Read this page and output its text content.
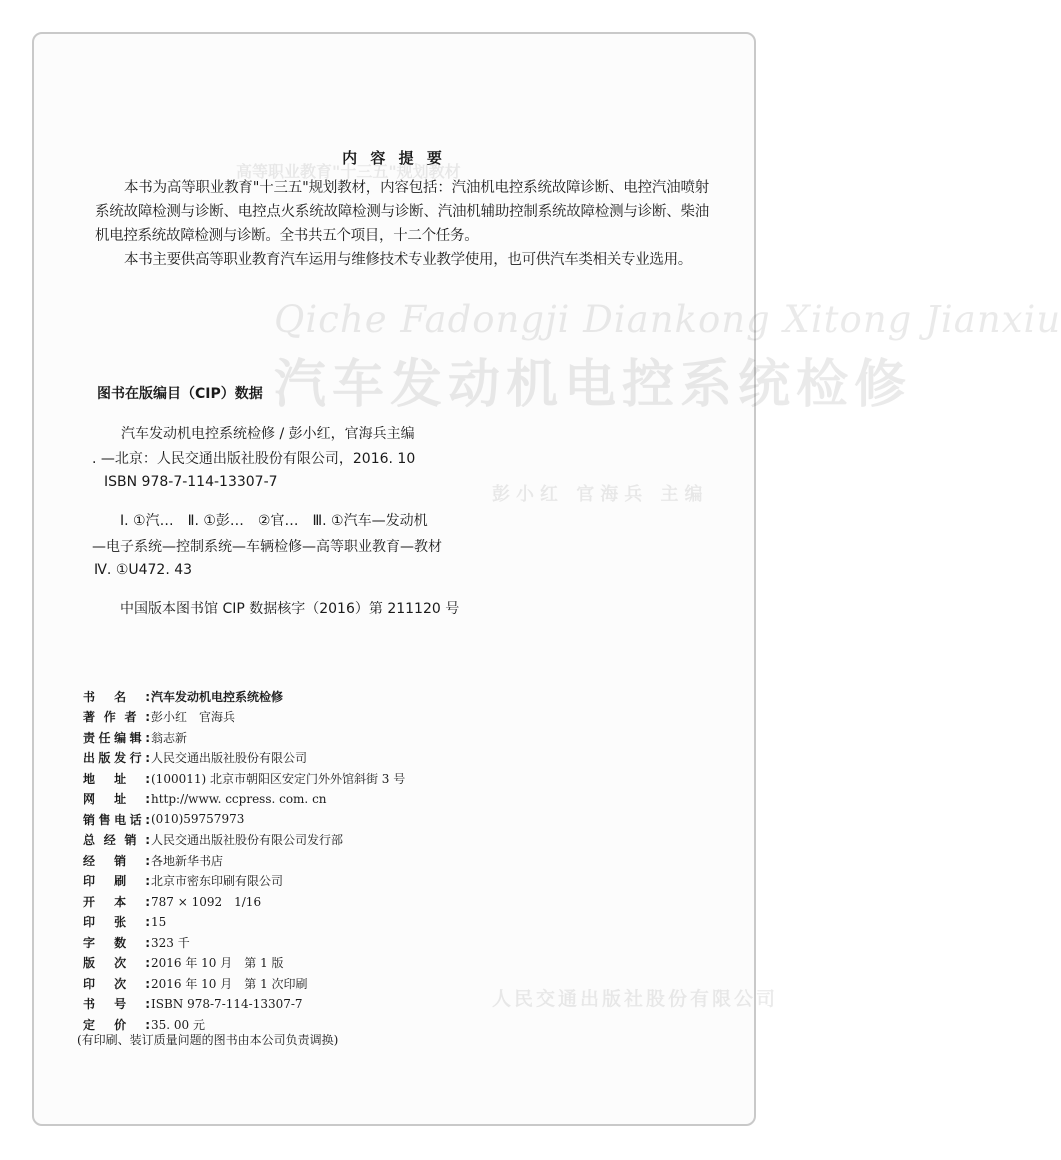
高等职业教育"十三五"规划教材
Qiche Fadongji Diankong Xitong Jianxiu
汽车发动机电控系统检修
彭小红 官海兵 主编
人民交通出版社股份有限公司
内 容 提 要

本书为高等职业教育"十三五"规划教材，内容包括：汽油机电控系统故障诊断、电控汽油喷射系统故障检测与诊断、电控点火系统故障检测与诊断、汽油机辅助控制系统故障检测与诊断、柴油机电控系统故障检测与诊断。全书共五个项目，十二个任务。

本书主要供高等职业教育汽车运用与维修技术专业教学使用，也可供汽车类相关专业选用。

图书在版编目（CIP）数据
汽车发动机电控系统检修 / 彭小红，官海兵主编
. —北京：人民交通出版社股份有限公司，2016. 10
ISBN 978-7-114-13307-7
Ⅰ. ①汽…　Ⅱ. ①彭…　②官…　Ⅲ. ①汽车—发动机
—电子系统—控制系统—车辆检修—高等职业教育—教材
Ⅳ. ①U472. 43
中国版本图书馆 CIP 数据核字（2016）第 211120 号
书名: 汽车发动机电控系统检修
著作者: 彭小红　官海兵
责任编辑: 翁志新
出版发行: 人民交通出版社股份有限公司
地址: (100011) 北京市朝阳区安定门外外馆斜街 3 号
网址: http://www. ccpress. com. cn
销售电话: (010)59757973
总经销: 人民交通出版社股份有限公司发行部
经销: 各地新华书店
印刷: 北京市密东印刷有限公司
开本: 787 × 1092　1/16
印张: 15
字数: 323 千
版次: 2016 年 10 月　第 1 版
印次: 2016 年 10 月　第 1 次印刷
书号: ISBN 978-7-114-13307-7
定价: 35. 00 元
(有印刷、装订质量问题的图书由本公司负责调换)
